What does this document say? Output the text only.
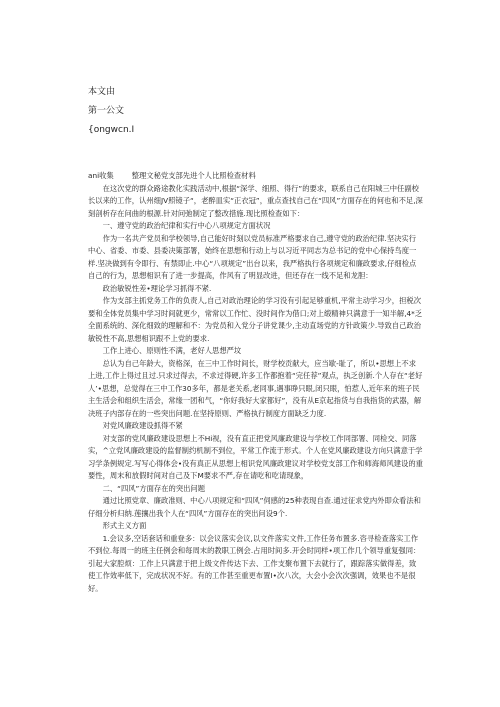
本文由
第一公文
{ongwcn.I

ani收集 整理文秘党支部先进个人比照检查材料

在这次党的群众路途教化实践活动中,根据“深学、细照、得行”的要求，联系自己在阳城三中任副校长以来的工作，认州细JV照镜子“，老醉皿实“正衣冠”，重点查找自己在“四风”方面存在的何也和不足,深刻剖析存在问曲的根源.针对问弛制定了整改措施.现比照检查如下：

一、遵守党的政治纪律和实行中心八项规定方面状况

作为一名共产党员和学校领导,自己能好时刻以党员标准严格要求自己,遵守党的政治纪律.坚决实行中心、省委、市委、县委决策部署，始终在思想和行动上与以习近平同志为总书记的党中心保持鸟度一样.坚决做到有令即行、有禁即止.中心“八项规定”出台以来，我严格执行各项规定和廉政要求,仔细检点自己的行为，思想相识有了进一步提高，作风有了明显改进，但还存在一线不足和龙胆：

政治敏锐性差•理论学习抓得不紧.

作为支部主抓党务工作的负责人,自己对政治理论的学习没有引起足够重机,平常主动学习少，担税次要和全体党员集中学习时间就更少，常常以工作忙、没时间作为借口;对上缎精神只满意于一知半解,4*乏全面系统的、深化细致的理解和不：为党员和入党分子讲党课少,主动直场党的方针政策少.导致自己政治敏锐性不高,思想相识跟不上党的要求.

工作上进心、原则性不满，老好人思想严坟

总认为自己年龄大，资格深，在三中工作时间长，财学校贡献大，应当歇-耻了，所以•思想上不求上进,工作上得过且过.只求过得去，不求过得硬,许多工作都抱着“完任荐”观点，执乏创新.个人存在“老好人’•思想，总觉得在三中工作30多年，都是老关系,老同事,遇事睁只眼,闭只眼，怕惹人,近年来的班子民主生活会和组织生活会，常缘一团和气，“你好我好大家都好”，没有从E京起指货与自我指货的武器，解决班子内部存在的一些突出问题.在坚持原则、严格执行制度方面缺乏力度.

对党风廉政建设抓得不紧

对支部的党风廉政建设思想上不Hi视，没有直正把党风廉政建设与学校工作同部署、同检交、同落实，^立党风廉政建设的监督制约机制不到位，平常工作流于形式。个人在党风廉政建设方向只满意于学习学条例规定.写写心得体会•没有真正从思想上相识党风廉政建议对学校党支部工作和师海师风建设的重要性，周末和放假时间对自己及下M要求不严,存在请吃和吃请现象，

二、“四风”方面存在的突出问题

通过比照党章、廉政准则、中心八项规定和“四风”伺感的25种表现自查.通过征求党内外即众看法和仔细分析归纳.莲攘出我个人在“四风”方面存在的突出问设9个.

形式主义方面

1.会议多,空话套话和重登多：以会议落实会议,以文件落实文件,工作任务布置多.咨寻检查落实工作不到位.每周一的班主任例会和每周末的教职工例会.占用时间多.开会时同样•项工作几个领导重复强同：引起大家腔烦：工作上只满意于把上级文件传达下去、工作支聚布置下去就行了，跟踪落实做得差，致使工作效率低下，完成状况不好。有的工作甚至重更布置I•次八次，大会小会次次强调，效果也不是很好。
